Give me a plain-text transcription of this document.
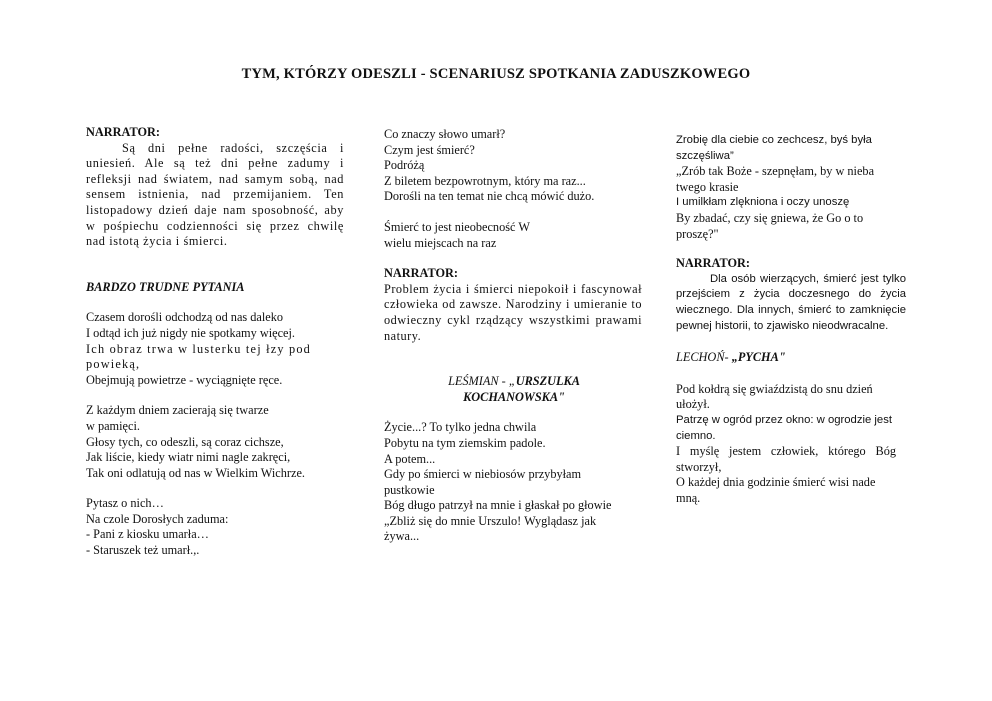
TYM, KTÓRZY ODESZLI - SCENARIUSZ SPOTKANIA ZADUSZKOWEGO

NARRATOR:

Są dni pełne radości, szczęścia i uniesień. Ale są też dni pełne zadumy i refleksji nad światem, nad samym sobą, nad sensem istnienia, nad przemijaniem. Ten listopadowy dzień daje nam sposobność, aby w pośpiechu codzienności się przez chwilę nad istotą życia i śmierci.

BARDZO TRUDNE PYTANIA

Czasem dorośli odchodzą od nas daleko
I odtąd ich już nigdy nie spotkamy więcej.
Ich obraz trwa w lusterku tej łzy pod powieką,
Obejmują powietrze - wyciągnięte ręce.
Z każdym dniem zacierają się twarze
w pamięci.
Głosy tych, co odeszli, są coraz cichsze,
Jak liście, kiedy wiatr nimi nagle zakręci,
Tak oni odlatują od nas w Wielkim Wichrze.
Pytasz o nich…
Na czole Dorosłych zaduma:
- Pani z kiosku umarła…
- Staruszek też umarł.,.
Co znaczy słowo umarł?
Czym jest śmierć?
Podróżą
Z biletem bezpowrotnym, który ma raz...
Dorośli na ten temat nie chcą mówić dużo.
Śmierć to jest nieobecność W
wielu miejscach na raz

NARRATOR:

Problem życia i śmierci niepokoił i fascynował człowieka od zawsze. Narodziny i umieranie to odwieczny cykl rządzący wszystkimi prawami natury.

LEŚMIAN - „URSZULKA KOCHANOWSKA"
Życie...? To tylko jedna chwila
Pobytu na tym ziemskim padole.
A potem...
Gdy po śmierci w niebiosów przybyłam pustkowie
Bóg długo patrzył na mnie i głaskał po głowie
„Zbliż się do mnie Urszulo! Wyglądasz jak żywa...
Zrobię dla ciebie co zechcesz, byś była szczęśliwa”
„Zrób tak Boże - szepnęłam, by w nieba twego krasie
I umilkłam zlękniona i oczy unoszę
By zbadać, czy się gniewa, że Go o to proszę?"

NARRATOR:

Dla osób wierzących, śmierć jest tylko przejściem z życia doczesnego do życia wiecznego. Dla innych, śmierć to zamknięcie pewnej historii, to zjawisko nieodwracalne.

LECHOŃ- „PYCHA"

Pod kołdrą się gwiaździstą do snu dzień ułożył.
Patrzę w ogród przez okno: w ogrodzie jest ciemno.
I myślę jestem człowiek, którego Bóg stworzył,
O każdej dnia godzinie śmierć wisi nade mną.
